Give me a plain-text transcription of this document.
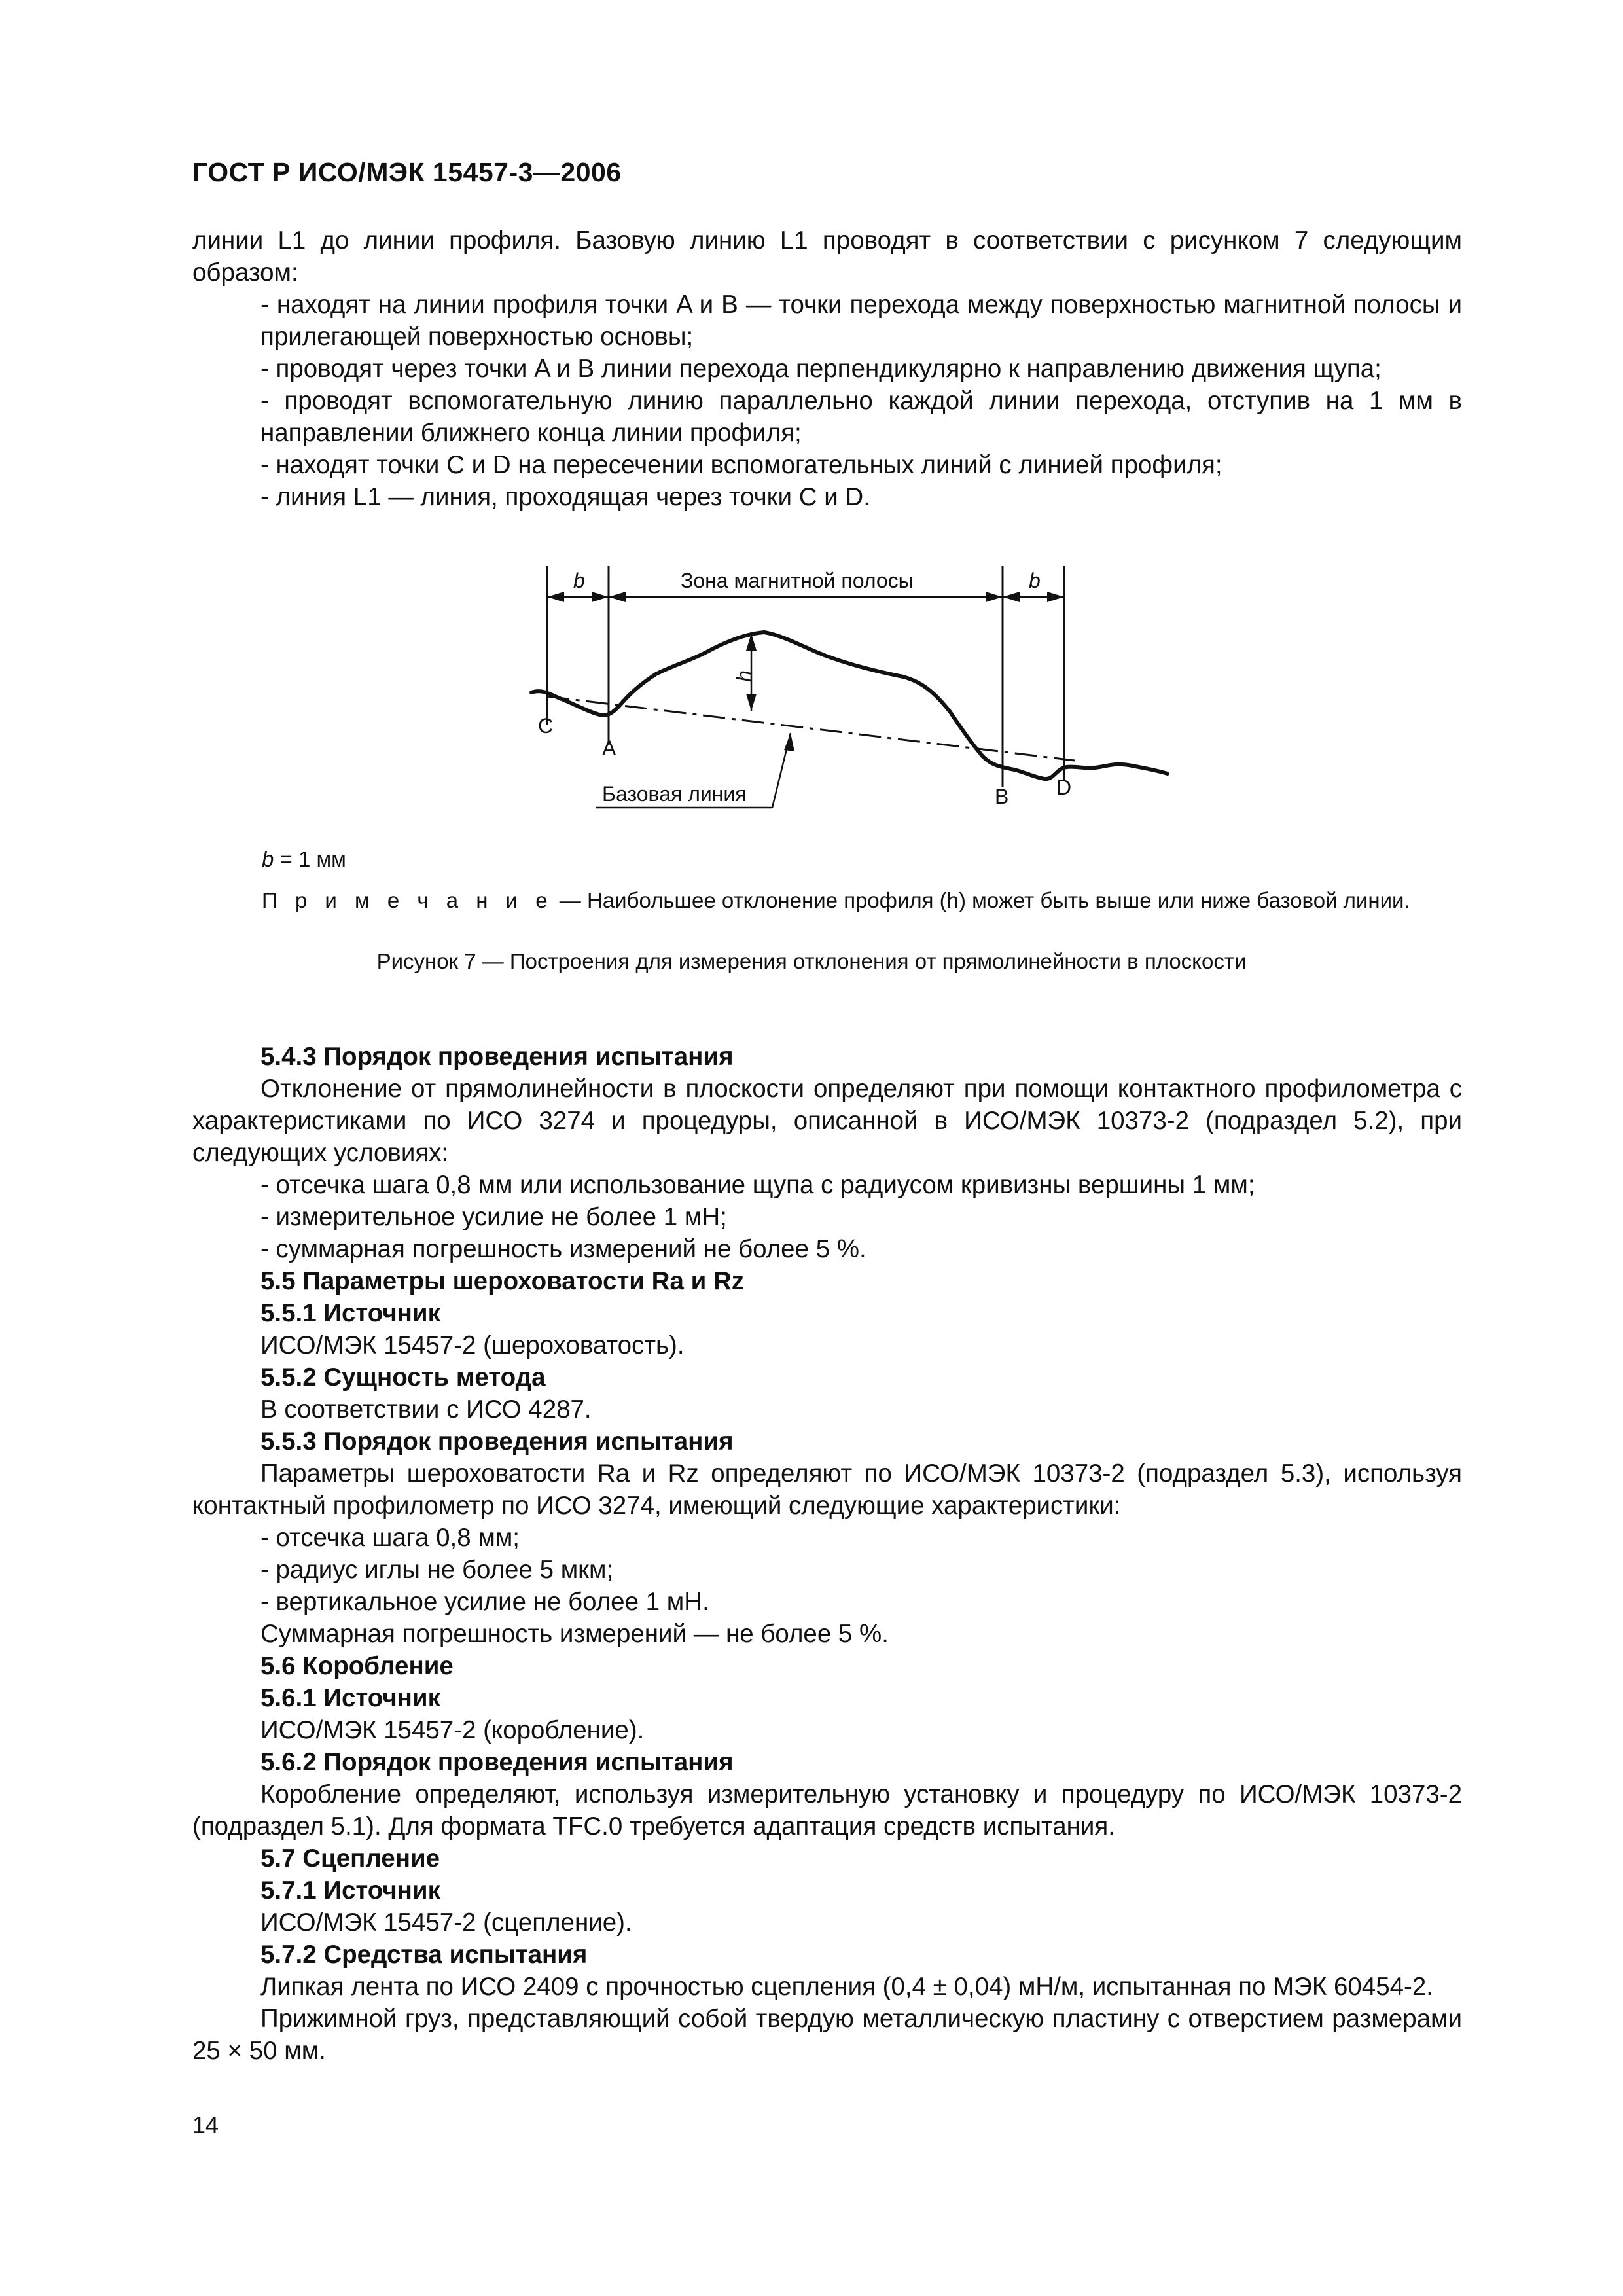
ГОСТ Р ИСО/МЭК 15457-3—2006

линии L1 до линии профиля. Базовую линию L1 проводят в соответствии с рисунком 7 следующим образом:

- находят на линии профиля точки A и B — точки перехода между поверхностью магнитной полосы и прилегающей поверхностью основы;

- проводят через точки A и B линии перехода перпендикулярно к направлению движения щупа;

- проводят вспомогательную линию параллельно каждой линии перехода, отступив на 1 мм в направлении ближнего конца линии профиля;

- находят точки C и D на пересечении вспомогательных линий с линией профиля;

- линия L1 — линия, проходящая через точки C и D.

b	Зона магнитной полосы	b
h
C
A
Базовая линия	B D
b = 1 мм
П р и м е ч а н и е — Наибольшее отклонение профиля (h) может быть выше или ниже базовой линии.
Рисунок 7 — Построения для измерения отклонения от прямолинейности в плоскости

5.4.3 Порядок проведения испытания

Отклонение от прямолинейности в плоскости определяют при помощи контактного профилометра с характеристиками по ИСО 3274 и процедуры, описанной в ИСО/МЭК 10373-2 (подраздел 5.2), при следующих условиях:

- отсечка шага 0,8 мм или использование щупа с радиусом кривизны вершины 1 мм;

- измерительное усилие не более 1 мН;

- суммарная погрешность измерений не более 5 %.

5.5 Параметры шероховатости Ra и Rz

5.5.1 Источник

ИСО/МЭК 15457-2 (шероховатость).

5.5.2 Сущность метода

В соответствии с ИСО 4287.

5.5.3 Порядок проведения испытания

Параметры шероховатости Ra и Rz определяют по ИСО/МЭК 10373-2 (подраздел 5.3), используя контактный профилометр по ИСО 3274, имеющий следующие характеристики:

- отсечка шага 0,8 мм;

- радиус иглы не более 5 мкм;

- вертикальное усилие не более 1 мН.

Суммарная погрешность измерений — не более 5 %.

5.6 Коробление

5.6.1 Источник

ИСО/МЭК 15457-2 (коробление).

5.6.2 Порядок проведения испытания

Коробление определяют, используя измерительную установку и процедуру по ИСО/МЭК 10373-2 (подраздел 5.1). Для формата TFC.0 требуется адаптация средств испытания.

5.7 Сцепление

5.7.1 Источник

ИСО/МЭК 15457-2 (сцепление).

5.7.2 Средства испытания

Липкая лента по ИСО 2409 с прочностью сцепления (0,4 ± 0,04) мН/м, испытанная по МЭК 60454-2.

Прижимной груз, представляющий собой твердую металлическую пластину с отверстием размерами 25 × 50 мм.

14
